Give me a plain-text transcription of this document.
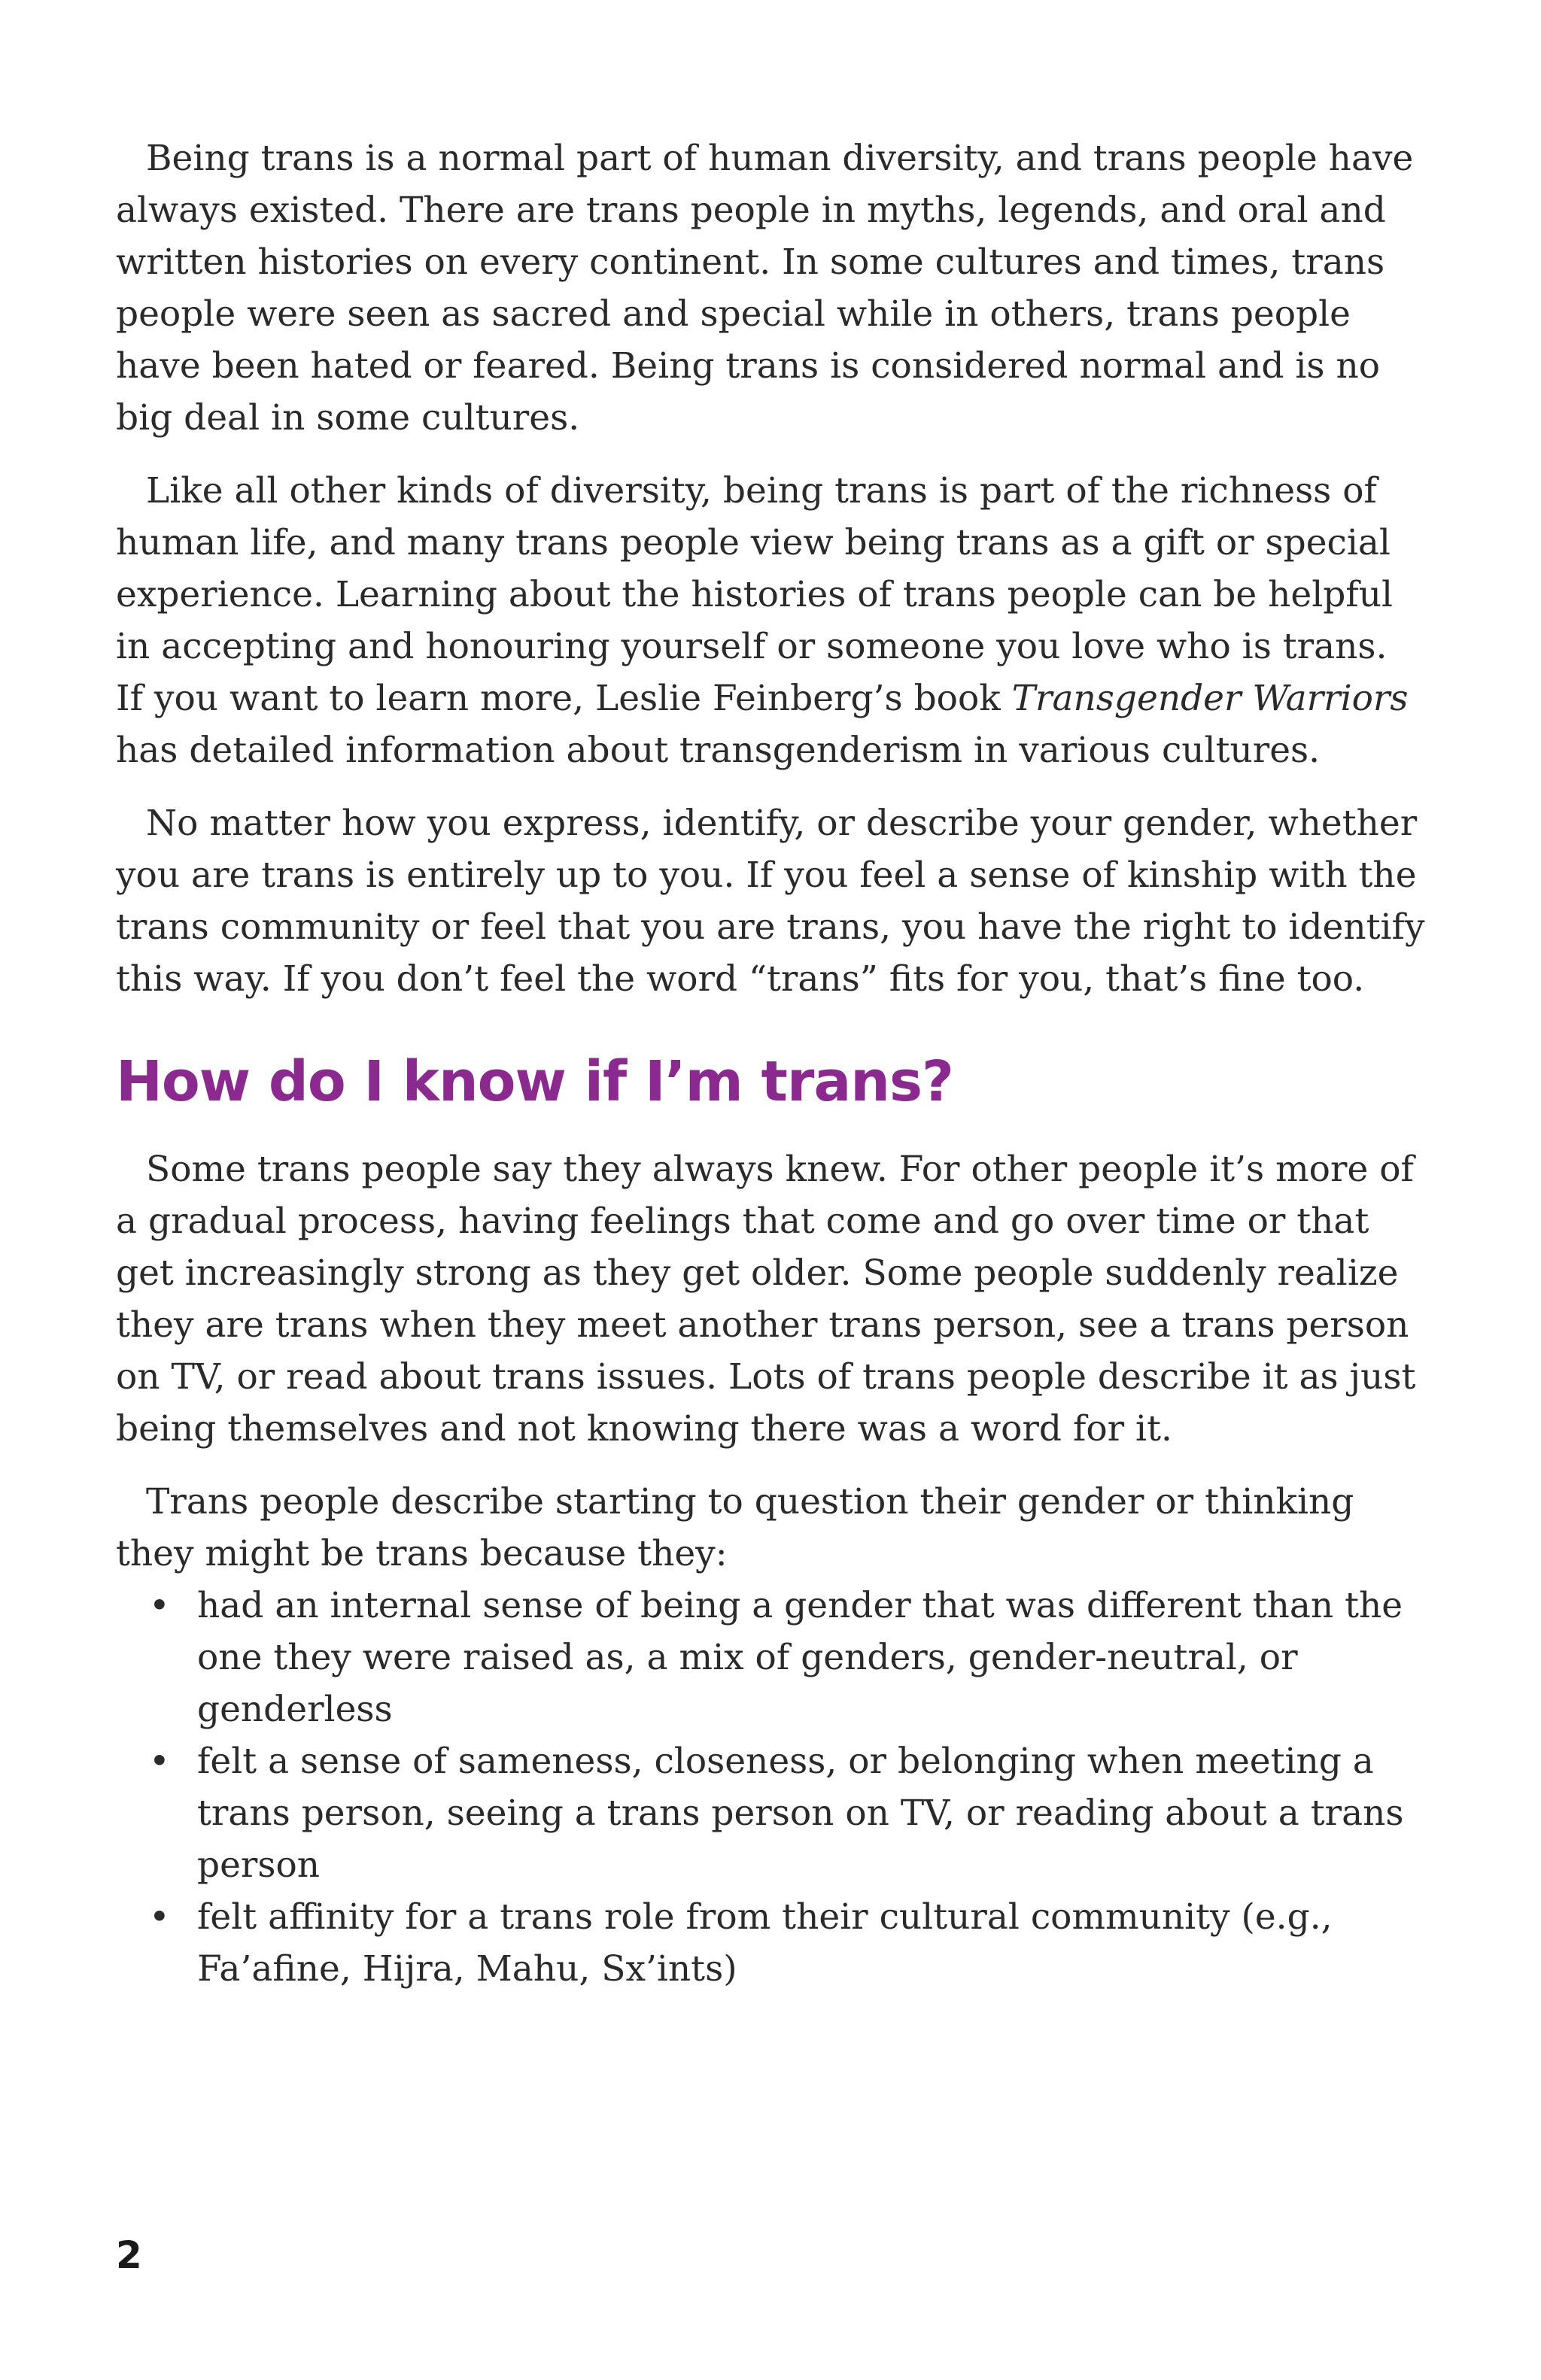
Being trans is a normal part of human diversity, and trans people have always existed. There are trans people in myths, legends, and oral and written histories on every continent. In some cultures and times, trans people were seen as sacred and special while in others, trans people have been hated or feared. Being trans is considered normal and is no big deal in some cultures.

Like all other kinds of diversity, being trans is part of the richness of human life, and many trans people view being trans as a gift or special experience. Learning about the histories of trans people can be helpful in accepting and honouring yourself or someone you love who is trans. If you want to learn more, Leslie Feinberg’s book Transgender Warriors has detailed information about transgenderism in various cultures.

No matter how you express, identify, or describe your gender, whether you are trans is entirely up to you. If you feel a sense of kinship with the trans community or feel that you are trans, you have the right to identify this way. If you don’t feel the word “trans” fits for you, that’s fine too.

How do I know if I’m trans?

Some trans people say they always knew. For other people it’s more of a gradual process, having feelings that come and go over time or that get increasingly strong as they get older. Some people suddenly realize they are trans when they meet another trans person, see a trans person on TV, or read about trans issues. Lots of trans people describe it as just being themselves and not knowing there was a word for it.

Trans people describe starting to question their gender or thinking they might be trans because they:

• had an internal sense of being a gender that was different than the one they were raised as, a mix of genders, gender-neutral, or genderless
• felt a sense of sameness, closeness, or belonging when meeting a trans person, seeing a trans person on TV, or reading about a trans person
• felt affinity for a trans role from their cultural community (e.g., Fa’afine, Hijra, Mahu, Sx’ints)
2
